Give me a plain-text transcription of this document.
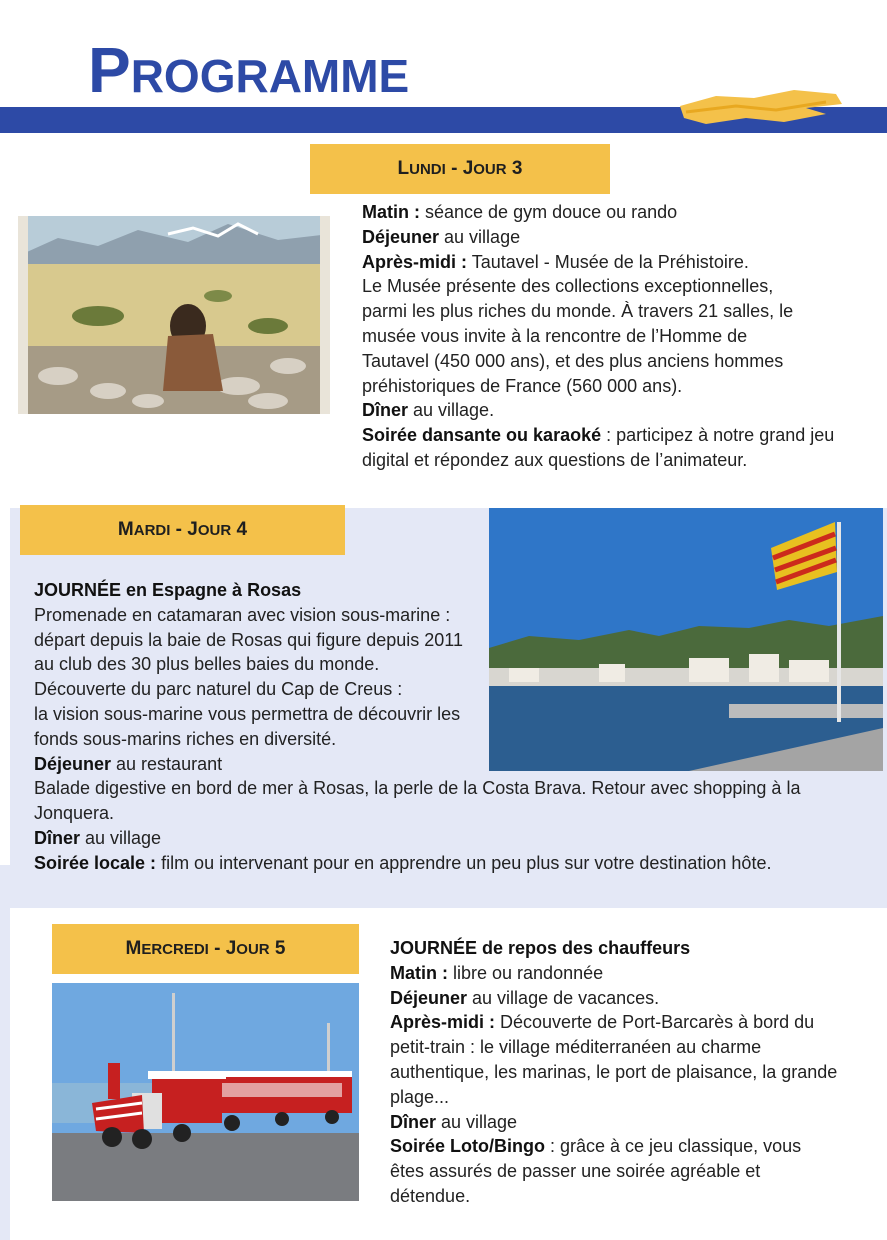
PROGRAMME
LUNDI - JOUR 3

Matin : séance de gym douce ou rando

Déjeuner au village

Après-midi : Tautavel - Musée de la Préhistoire.

Le Musée présente des collections exceptionnelles, parmi les plus riches du monde. À travers 21 salles, le musée vous invite à la rencontre de l’Homme de Tautavel (450 000 ans), et des plus anciens hommes préhistoriques de France (560 000 ans).

Dîner au village.

Soirée dansante ou karaoké : participez à notre grand jeu digital et répondez aux questions de l’animateur.

MARDI - JOUR 4

JOURNÉE en Espagne à Rosas

Promenade en catamaran avec vision sous-marine : départ depuis la baie de Rosas qui figure depuis 2011 au club des 30 plus belles baies du monde. Découverte du parc naturel du Cap de Creus :

la vision sous-marine vous permettra de découvrir les fonds sous-marins riches en diversité.

Déjeuner au restaurant

Balade digestive en bord de mer à Rosas, la perle de la Costa Brava. Retour avec shopping à la Jonquera.

Dîner au village

Soirée locale : film ou intervenant pour en apprendre un peu plus sur votre destination hôte.

MERCREDI - JOUR 5	JOURNÉE de repos des chauffeurs

Matin : libre ou randonnée

Déjeuner au village de vacances.

Après-midi : Découverte de Port-Barcarès à bord du petit-train : le village méditerranéen au charme authentique, les marinas, le port de plaisance, la grande plage...

Dîner au village

Soirée Loto/Bingo : grâce à ce jeu classique, vous êtes assurés de passer une soirée agréable et détendue.
